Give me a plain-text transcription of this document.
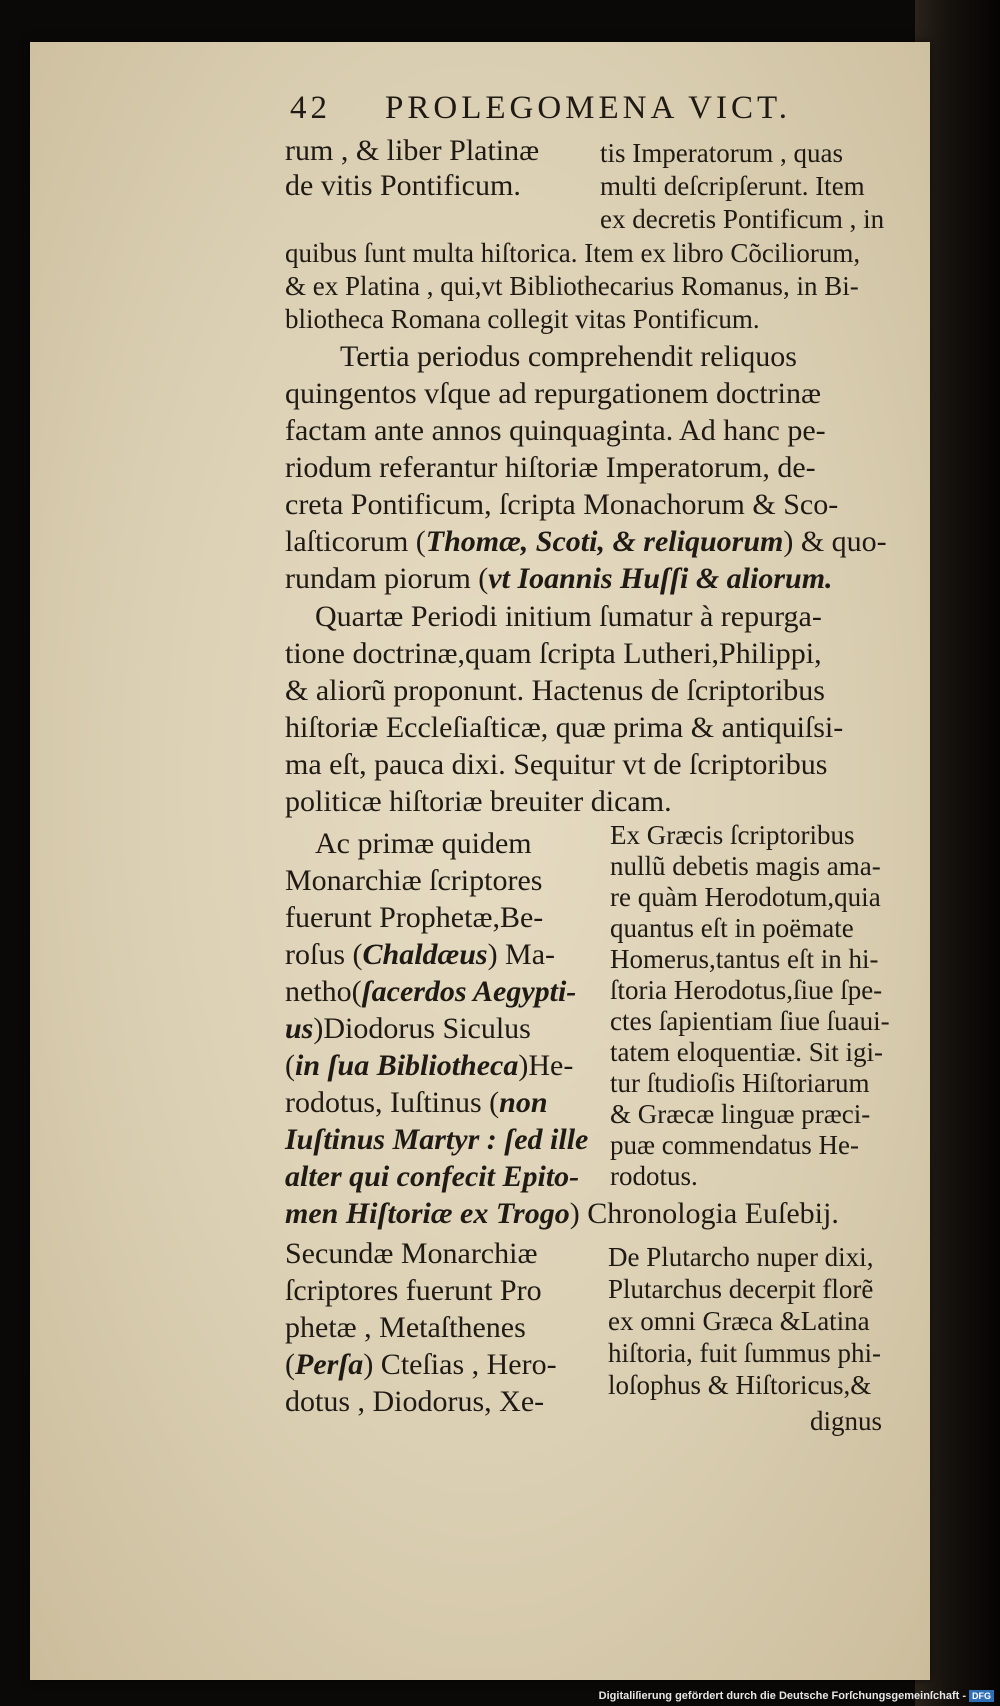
42 PROLEGOMENA VICT.
rum , & liber Platinæ
de vitis Pontificum.
tis Imperatorum , quas
multi deſcripſerunt. Item
ex decretis Pontificum , in
quibus ſunt multa hiſtorica. Item ex libro Cõciliorum,
& ex Platina , qui,vt Bibliothecarius Romanus, in Bi-
bliotheca Romana collegit vitas Pontificum.
Tertia periodus comprehendit reliquos
quingentos vſque ad repurgationem doctrinæ
factam ante annos quinquaginta. Ad hanc pe-
riodum referantur hiſtoriæ Imperatorum, de-
creta Pontificum, ſcripta Monachorum & Sco-
laſticorum (Thomæ, Scoti, & reliquorum) & quo-
rundam piorum (vt Ioannis Huſſi & aliorum.
Quartæ Periodi initium ſumatur à repurga-
tione doctrinæ,quam ſcripta Lutheri,Philippi,
& aliorũ proponunt. Hactenus de ſcriptoribus
hiſtoriæ Eccleſiaſticæ, quæ prima & antiquiſsi-
ma eſt, pauca dixi. Sequitur vt de ſcriptoribus
politicæ hiſtoriæ breuiter dicam.
Ac primæ quidem
Monarchiæ ſcriptores
fuerunt Prophetæ,Be-
roſus (Chaldæus) Ma-
netho(ſacerdos Aegypti-
us)Diodorus Siculus
(in ſua Bibliotheca)He-
rodotus, Iuſtinus (non
Iuſtinus Martyr : ſed ille
alter qui confecit Epito-
men Hiſtoriæ ex Trogo) Chronologia Euſebij.
Ex Græcis ſcriptoribus
nullũ debetis magis ama-
re quàm Herodotum,quia
quantus eſt in poëmate
Homerus,tantus eſt in hi-
ſtoria Herodotus,ſiue ſpe-
ctes ſapientiam ſiue ſuaui-
tatem eloquentiæ. Sit igi-
tur ſtudioſis Hiſtoriarum
& Græcæ linguæ præci-
puæ commendatus He-
rodotus.
Secundæ Monarchiæ
ſcriptores fuerunt Pro
phetæ , Metaſthenes
(Perſa) Cteſias , Hero-
dotus , Diodorus, Xe-
De Plutarcho nuper dixi,
Plutarchus decerpit florẽ
ex omni Græca &Latina
hiſtoria, fuit ſummus phi-
loſophus & Hiſtoricus,&
dignus
Digitaliſierung gefördert durch die Deutsche Forſchungsgemeinſchaft - DFG
